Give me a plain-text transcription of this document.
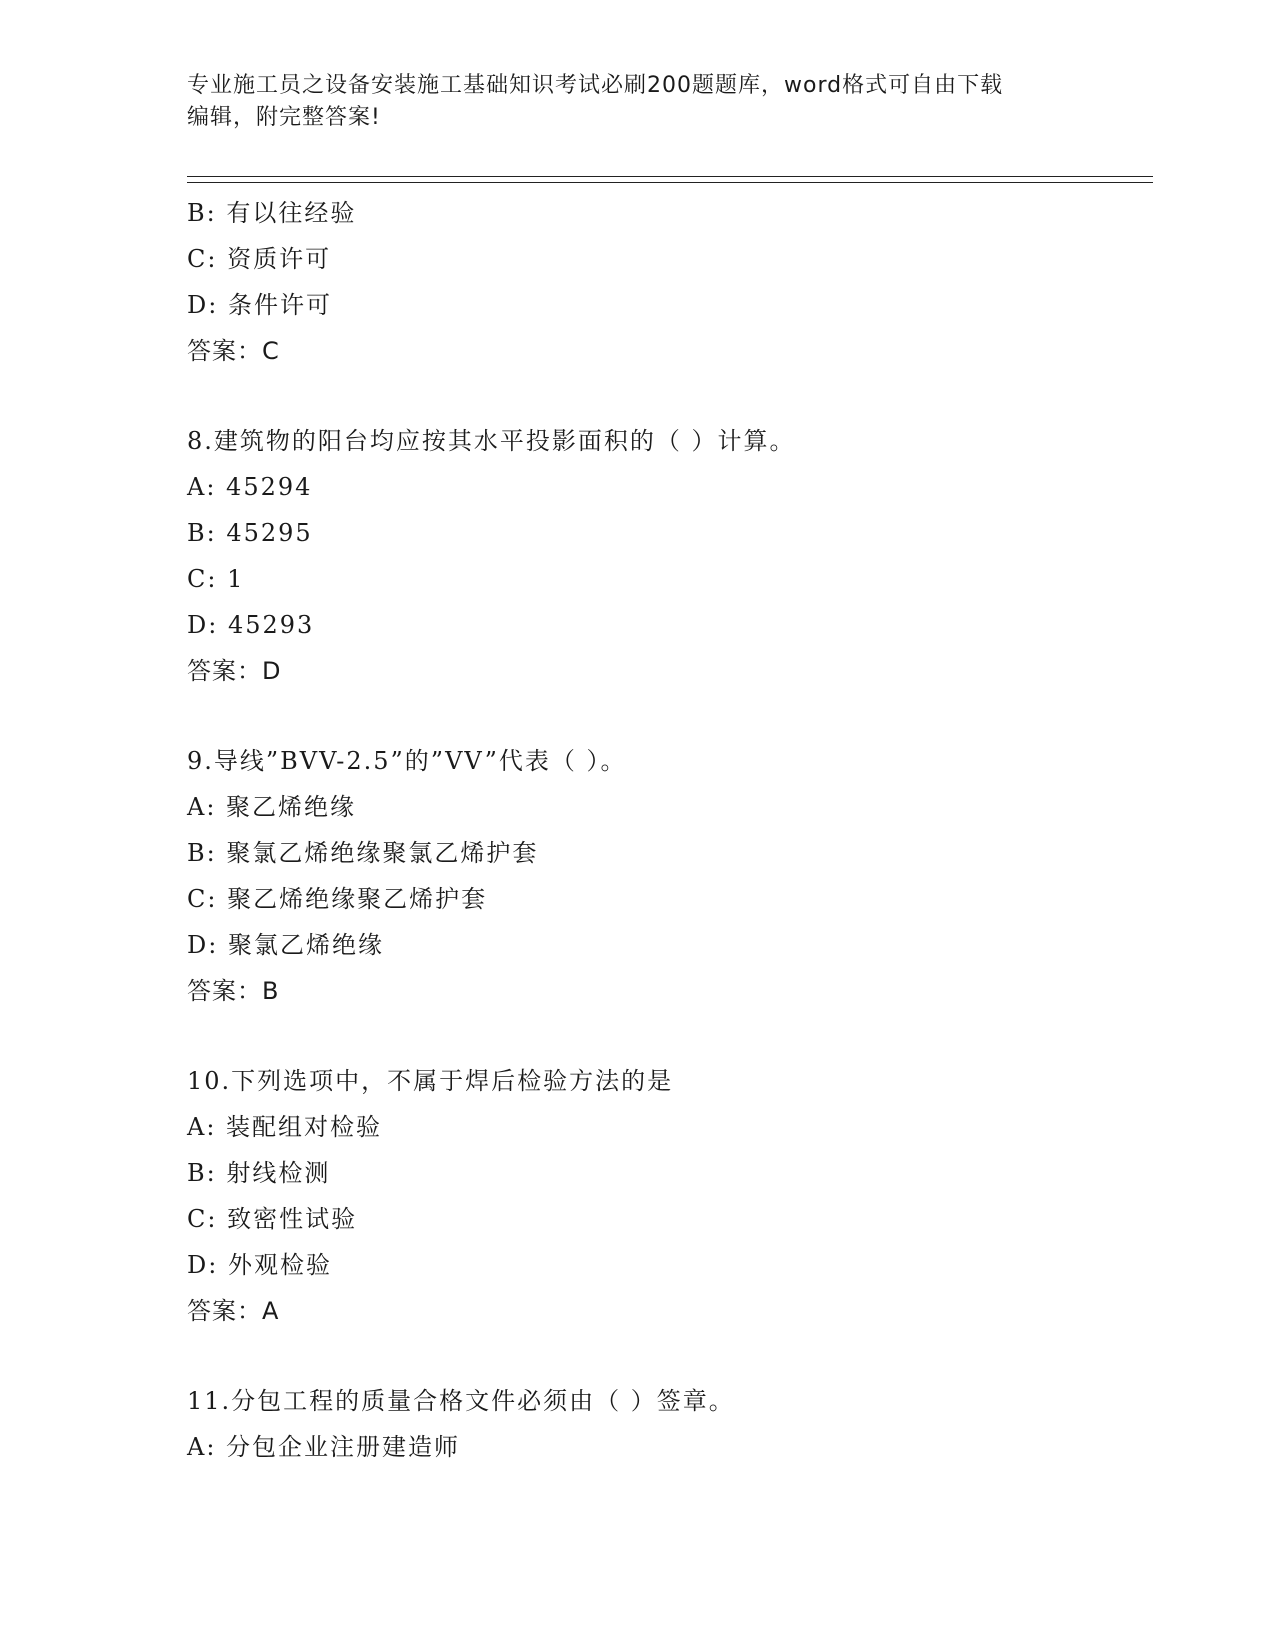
专业施工员之设备安装施工基础知识考试必刷200题题库，word格式可自由下载
编辑，附完整答案!
B: 有以往经验
C: 资质许可
D: 条件许可
答案：C
8.建筑物的阳台均应按其水平投影面积的（ ）计算。
A: 45294
B: 45295
C: 1
D: 45293
答案：D
9.导线”BVV-2.5”的”VV”代表（ ）。
A: 聚乙烯绝缘
B: 聚氯乙烯绝缘聚氯乙烯护套
C: 聚乙烯绝缘聚乙烯护套
D: 聚氯乙烯绝缘
答案：B
10.下列选项中，不属于焊后检验方法的是
A: 装配组对检验
B: 射线检测
C: 致密性试验
D: 外观检验
答案：A
11.分包工程的质量合格文件必须由（ ）签章。
A: 分包企业注册建造师
